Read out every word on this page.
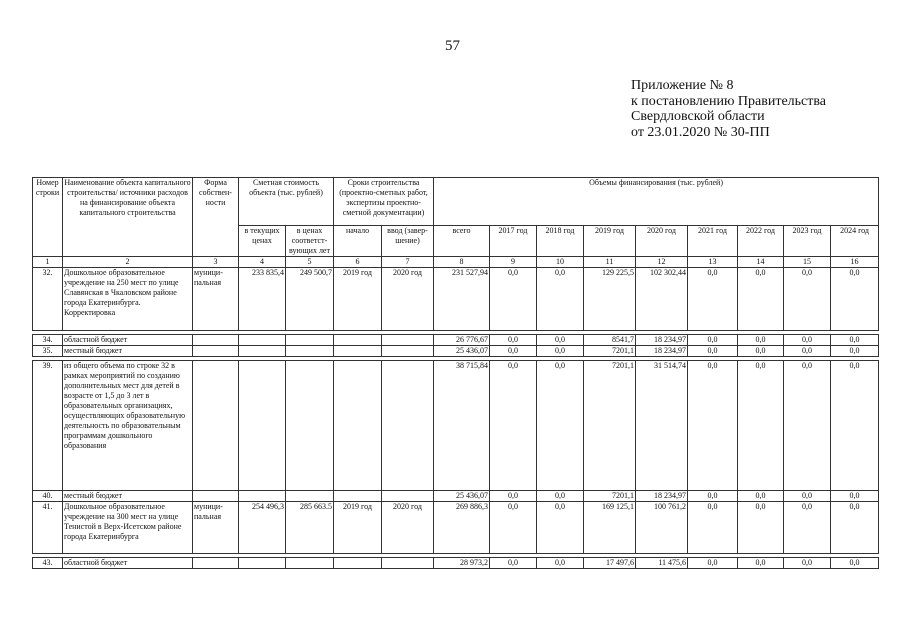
57
Приложение № 8
к постановлению Правительства
Свердловской области
от 23.01.2020 № 30-ПП
Номер строки	Наименование объекта капитального строительства/ источники расходов на финансирование объекта капитального строительства	Форма собствен-ности	Сметная стоимость объекта (тыс. рублей)		Сроки строительства (проектно-сметных работ, экспертизы проектно-сметной документации)		Объемы финансирования (тыс. рублей)								
			в текущих ценах	в ценах соответст-вующих лет	начало	ввод (завер-шение)	всего	2017 год	2018 год	2019 год	2020 год	2021 год	2022 год	2023 год	2024 год
1	2	3	4	5	6	7	8	9	10	11	12	13	14	15	16
32.	Дошкольное образовательное учреждение на 250 мест по улице Славянская в Чкаловском районе города Екатеринбурга. Корректировка	муници-пальная	233 835,4	249 500,7	2019 год	2020 год	231 527,94	0,0	0,0	129 225,5	102 302,44	0,0	0,0	0,0	0,0

34.	областной бюджет						26 776,67	0,0	0,0	8541,7	18 234,97	0,0	0,0	0,0	0,0
35.	местный бюджет						25 436,07	0,0	0,0	7201,1	18 234,97	0,0	0,0	0,0	0,0

39.	из общего объема по строке 32 в рамках мероприятий по созданию дополнительных мест для детей в возрасте от 1,5 до 3 лет в образовательных организациях, осуществляющих образовательную деятельность по образовательным программам дошкольного образования						38 715,84	0,0	0,0	7201,1	31 514,74	0,0	0,0	0,0	0,0
40.	местный бюджет						25 436,07	0,0	0,0	7201,1	18 234,97	0,0	0,0	0,0	0,0
41.	Дошкольное образовательное учреждение на 300 мест на улице Тенистой в Верх-Исетском районе города Екатеринбурга	муници-пальная	254 496,3	285 663.5	2019 год	2020 год	269 886,3	0,0	0,0	169 125,1	100 761,2	0,0	0,0	0,0	0,0

43.	областной бюджет						28 973,2	0,0	0,0	17 497,6	11 475,6	0,0	0,0	0,0	0,0
